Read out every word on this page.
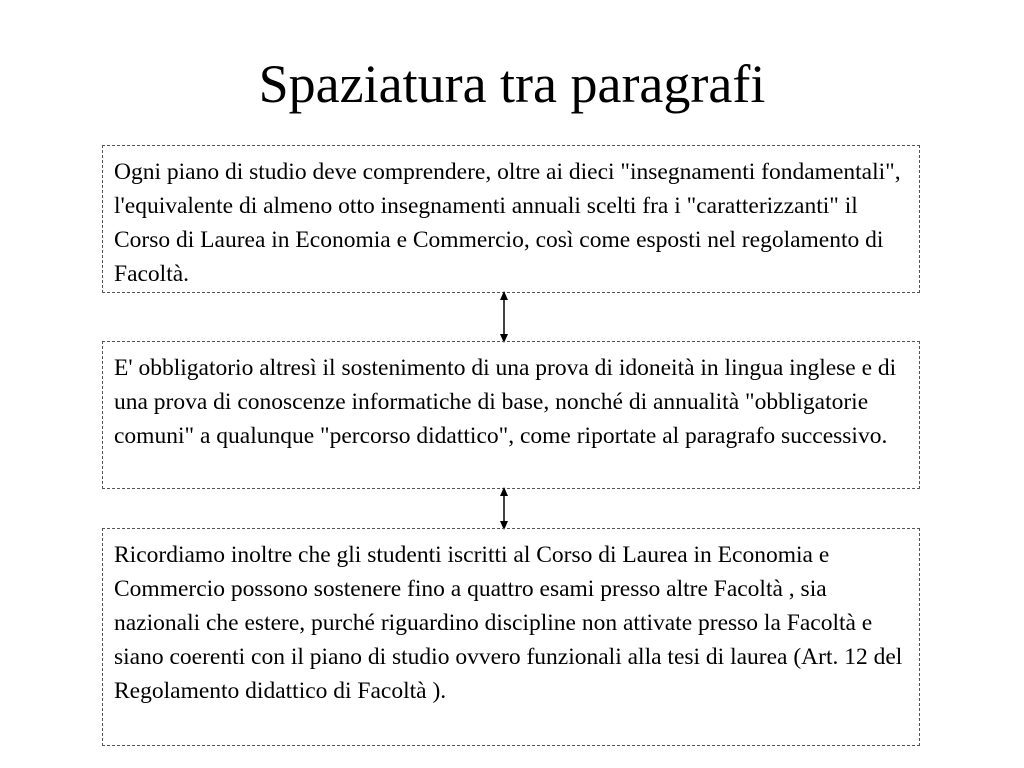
Spaziatura tra paragrafi
Ogni piano di studio deve comprendere, oltre ai dieci "insegnamenti fondamentali", l'equivalente di almeno otto insegnamenti annuali scelti fra i "caratterizzanti" il Corso di Laurea in Economia e Commercio, così come esposti nel regolamento di Facoltà.
E' obbligatorio altresì il sostenimento di una prova di idoneità in lingua inglese e di una prova di conoscenze informatiche di base, nonché di annualità "obbligatorie comuni" a qualunque "percorso didattico", come riportate al paragrafo successivo.
Ricordiamo inoltre che gli studenti iscritti al Corso di Laurea in Economia e Commercio possono sostenere fino a quattro esami presso altre Facoltà , sia nazionali che estere, purché riguardino discipline non attivate presso la Facoltà e siano coerenti con il piano di studio ovvero funzionali alla tesi di laurea (Art. 12 del Regolamento didattico di Facoltà ).
